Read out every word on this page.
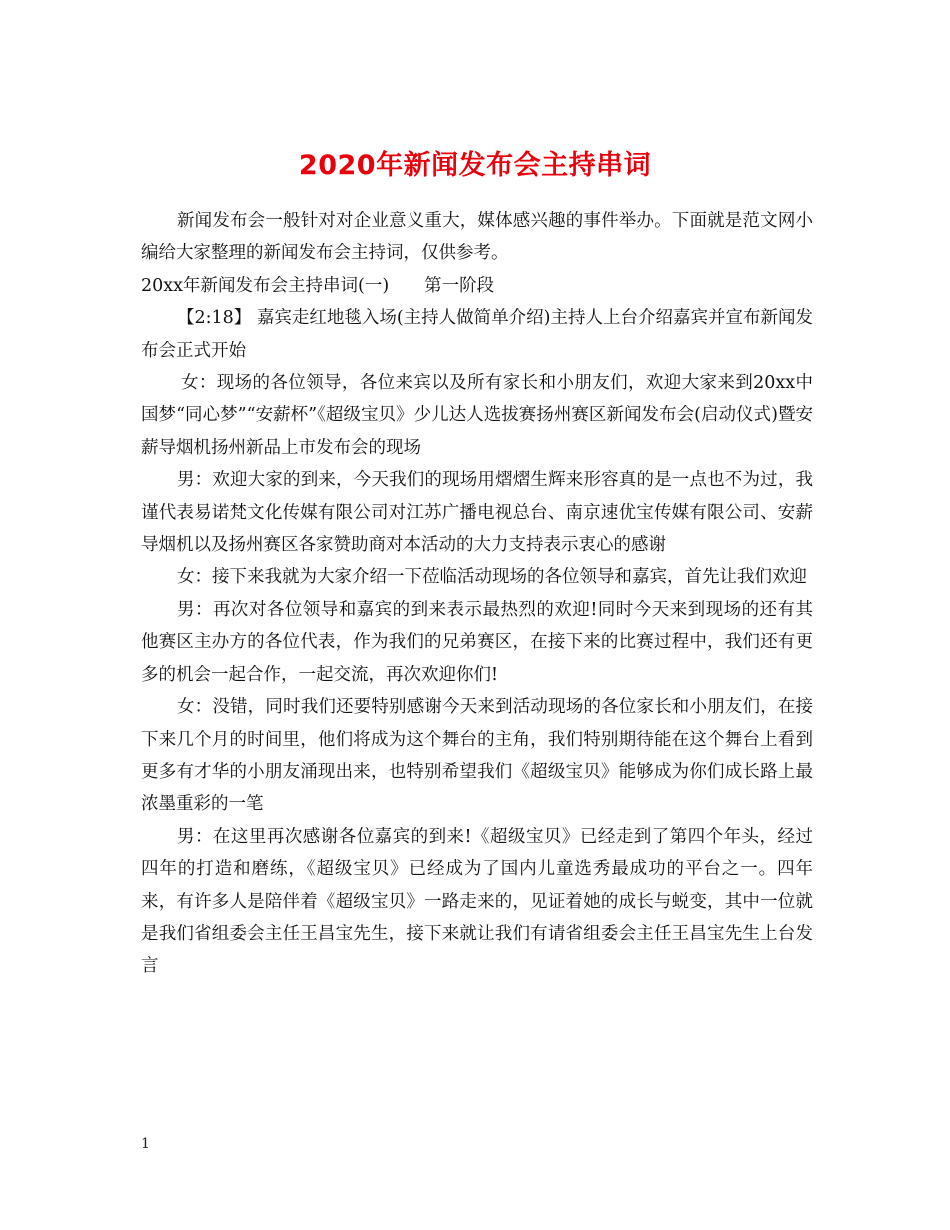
2020年新闻发布会主持串词

新闻发布会一般针对对企业意义重大，媒体感兴趣的事件举办。下面就是范文网小编给大家整理的新闻发布会主持词，仅供参考。

20xx年新闻发布会主持串词(一)　　第一阶段

【2:18】 嘉宾走红地毯入场(主持人做简单介绍)主持人上台介绍嘉宾并宣布新闻发布会正式开始

女：现场的各位领导，各位来宾以及所有家长和小朋友们，欢迎大家来到20xx中国梦“同心梦”“安薪杯”《超级宝贝》少儿达人选拔赛扬州赛区新闻发布会(启动仪式)暨安薪导烟机扬州新品上市发布会的现场

男：欢迎大家的到来，今天我们的现场用熠熠生辉来形容真的是一点也不为过，我谨代表易诺梵文化传媒有限公司对江苏广播电视总台、南京速优宝传媒有限公司、安薪导烟机以及扬州赛区各家赞助商对本活动的大力支持表示衷心的感谢

女：接下来我就为大家介绍一下莅临活动现场的各位领导和嘉宾，首先让我们欢迎

男：再次对各位领导和嘉宾的到来表示最热烈的欢迎!同时今天来到现场的还有其他赛区主办方的各位代表，作为我们的兄弟赛区，在接下来的比赛过程中，我们还有更多的机会一起合作，一起交流，再次欢迎你们!

女：没错，同时我们还要特别感谢今天来到活动现场的各位家长和小朋友们，在接下来几个月的时间里，他们将成为这个舞台的主角，我们特别期待能在这个舞台上看到更多有才华的小朋友涌现出来，也特别希望我们《超级宝贝》能够成为你们成长路上最浓墨重彩的一笔

男：在这里再次感谢各位嘉宾的到来!《超级宝贝》已经走到了第四个年头，经过四年的打造和磨练，《超级宝贝》已经成为了国内儿童选秀最成功的平台之一。四年来，有许多人是陪伴着《超级宝贝》一路走来的，见证着她的成长与蜕变，其中一位就是我们省组委会主任王昌宝先生，接下来就让我们有请省组委会主任王昌宝先生上台发言

1
